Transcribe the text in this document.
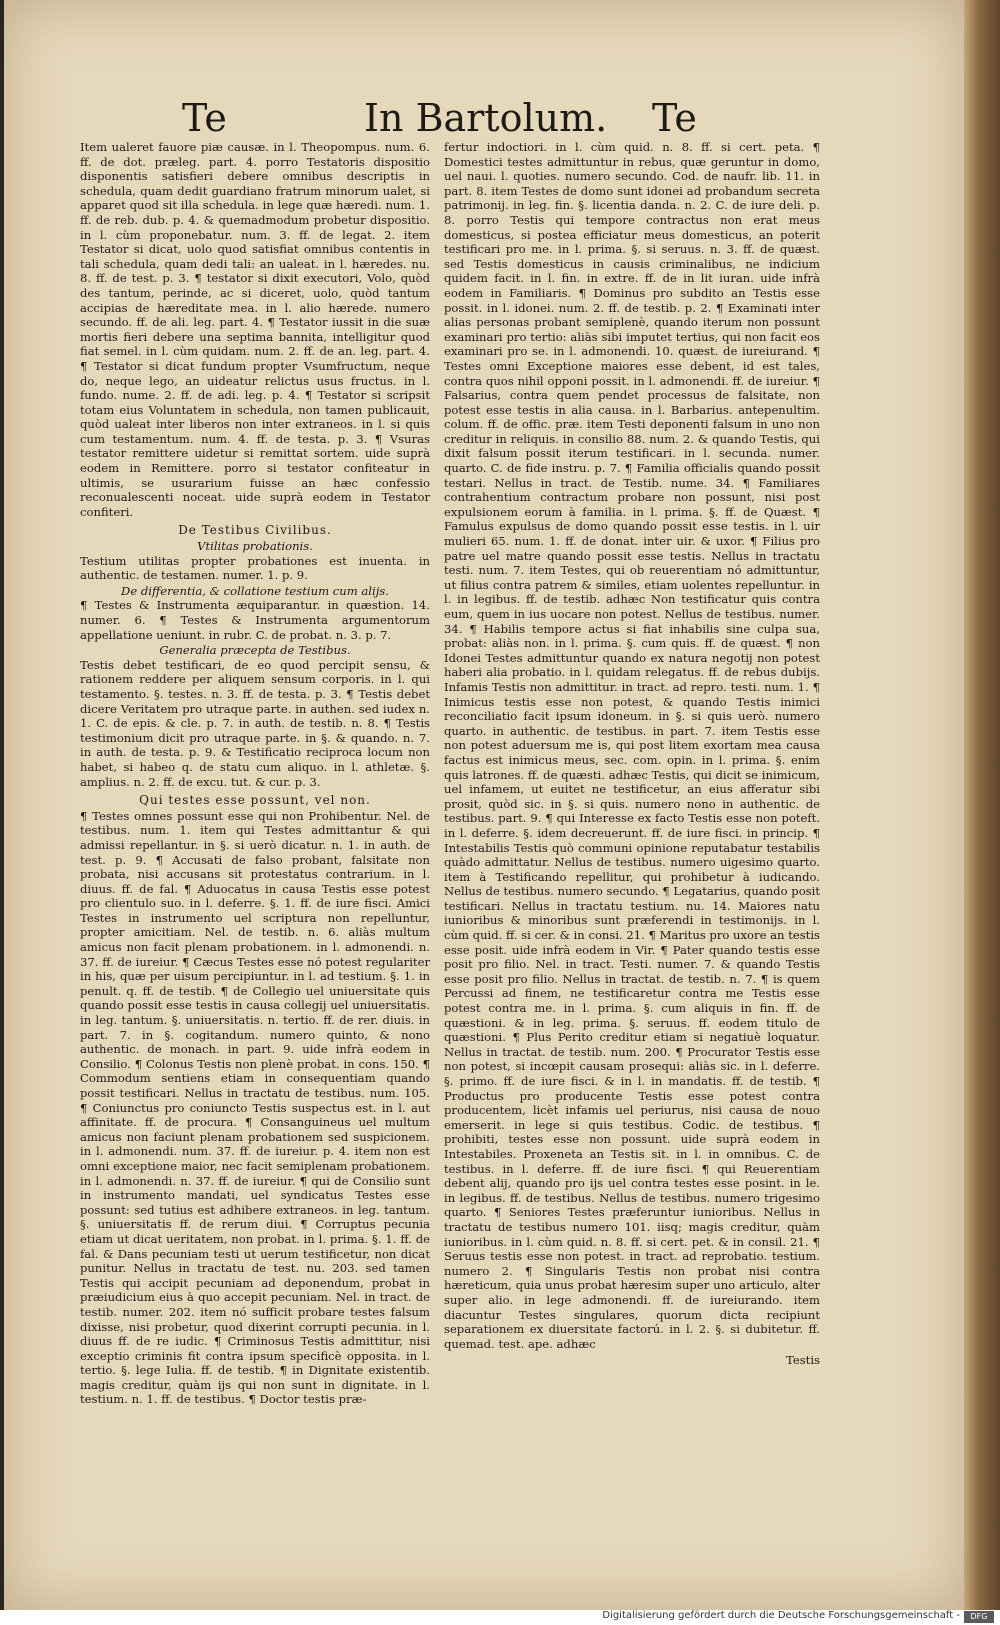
Te	In Bartolum. Te

Item ualeret fauore piæ causæ. in l. Theopompus. num. 6. ff. de dot. præleg. part. 4. porro Testatoris dispositio disponentis satisfieri debere omnibus descriptis in schedula, quam dedit guardiano fratrum minorum ualet, si apparet quod sit illa schedula. in lege quæ hæredi. num. 1. ff. de reb. dub. p. 4. & quemadmodum probetur dispositio. in l. cùm proponebatur. num. 3. ff. de legat. 2. item Testator si dicat, uolo quod satisfiat omnibus contentis in tali schedula, quam dedi tali: an ualeat. in l. hæredes. nu. 8. ff. de test. p. 3. ¶ testator si dixit executori, Volo, quòd des tantum, perinde, ac si diceret, uolo, quòd tantum accipias de hæreditate mea. in l. alio hærede. numero secundo. ff. de ali. leg. part. 4. ¶ Testator iussit in die suæ mortis fieri debere una septima bannita, intelligitur quod fiat semel. in l. cùm quidam. num. 2. ff. de an. leg. part. 4. ¶ Testator si dicat fundum propter Vsumfructum, neque do, neque lego, an uideatur relictus usus fructus. in l. fundo. nume. 2. ff. de adi. leg. p. 4. ¶ Testator si scripsit totam eius Voluntatem in schedula, non tamen publicauit, quòd ualeat inter liberos non inter extraneos. in l. si quis cum testamentum. num. 4. ff. de testa. p. 3. ¶ Vsuras testator remittere uidetur si remittat sortem. uide suprà eodem in Remittere. porro si testator confiteatur in ultimis, se usurarium fuisse an hæc confessio reconualescenti noceat. uide suprà eodem in Testator confiteri.

De Testibus Civilibus.
Vtilitas probationis.

Testium utilitas propter probationes est inuenta. in authentic. de testamen. numer. 1. p. 9.

De differentia, & collatione testium cum alijs.

¶ Testes & Instrumenta æquiparantur. in quæstion. 14. numer. 6. ¶ Testes & Instrumenta argumentorum appellatione ueniunt. in rubr. C. de probat. n. 3. p. 7.

Generalia præcepta de Testibus.

Testis debet testificari, de eo quod percipit sensu, & rationem reddere per aliquem sensum corporis. in l. qui testamento. §. testes. n. 3. ff. de testa. p. 3. ¶ Testis debet dicere Veritatem pro utraque parte. in authen. sed iudex n. 1. C. de epis. & cle. p. 7. in auth. de testib. n. 8. ¶ Testis testimonium dicit pro utraque parte. in §. & quando. n. 7. in auth. de testa. p. 9. & Testificatio reciproca locum non habet, si habeo q. de statu cum aliquo. in l. athletæ. §. amplius. n. 2. ff. de excu. tut. & cur. p. 3.

Qui testes esse possunt, vel non.

¶ Testes omnes possunt esse qui non Prohibentur. Nel. de testibus. num. 1. item qui Testes admittantur & qui admissi repellantur. in §. si uerò dicatur. n. 1. in auth. de test. p. 9. ¶ Accusati de falso probant, falsitate non probata, nisi accusans sit protestatus contrarium. in l. diuus. ff. de fal. ¶ Aduocatus in causa Testis esse potest pro clientulo suo. in l. deferre. §. 1. ff. de iure fisci. Amici Testes in instrumento uel scriptura non repelluntur, propter amicitiam. Nel. de testib. n. 6. aliàs multum amicus non facit plenam probationem. in l. admonendi. n. 37. ff. de iureiur. ¶ Cæcus Testes esse nó potest regulariter in his, quæ per uisum percipiuntur. in l. ad testium. §. 1. in penult. q. ff. de testib. ¶ de Collegio uel uniuersitate quis quando possit esse testis in causa collegij uel uniuersitatis. in leg. tantum. §. uniuersitatis. n. tertio. ff. de rer. diuis. in part. 7. in §. cogitandum. numero quinto, & nono authentic. de monach. in part. 9. uide infrà eodem in Consilio. ¶ Colonus Testis non plenè probat. in cons. 150. ¶ Commodum sentiens etiam in consequentiam quando possit testificari. Nellus in tractatu de testibus. num. 105. ¶ Coniunctus pro coniuncto Testis suspectus est. in l. aut affinitate. ff. de procura. ¶ Consanguineus uel multum amicus non faciunt plenam probationem sed suspicionem. in l. admonendi. num. 37. ff. de iureiur. p. 4. item non est omni exceptione maior, nec facit semiplenam probationem. in l. admonendi. n. 37. ff. de iureiur. ¶ qui de Consilio sunt in instrumento mandati, uel syndicatus Testes esse possunt: sed tutius est adhibere extraneos. in leg. tantum. §. uniuersitatis ff. de rerum diui. ¶ Corruptus pecunia etiam ut dicat ueritatem, non probat. in l. prima. §. 1. ff. de fal. & Dans pecuniam testi ut uerum testificetur, non dicat punitur. Nellus in tractatu de test. nu. 203. sed tamen Testis qui accipit pecuniam ad deponendum, probat in præiudicium eius à quo accepit pecuniam. Nel. in tract. de testib. numer. 202. item nó sufficit probare testes falsum dixisse, nisi probetur, quod dixerint corrupti pecunia. in l. diuus ff. de re iudic. ¶ Criminosus Testis admittitur, nisi exceptio criminis fit contra ipsum specificè opposita. in l. tertio. §. lege Iulia. ff. de testib. ¶ in Dignitate existentib. magis creditur, quàm ijs qui non sunt in dignitate. in l. testium. n. 1. ff. de testibus. ¶ Doctor testis præ-

fertur indoctiori. in l. cùm quid. n. 8. ff. si cert. peta. ¶ Domestici testes admittuntur in rebus, quæ geruntur in domo, uel naui. l. quoties. numero secundo. Cod. de naufr. lib. 11. in part. 8. item Testes de domo sunt idonei ad probandum secreta patrimonij. in leg. fin. §. licentia danda. n. 2. C. de iure deli. p. 8. porro Testis qui tempore contractus non erat meus domesticus, si postea efficiatur meus domesticus, an poterit testificari pro me. in l. prima. §. si seruus. n. 3. ff. de quæst. sed Testis domesticus in causis criminalibus, ne indicium quidem facit. in l. fin. in extre. ff. de in lit iuran. uide infrà eodem in Familiaris. ¶ Dominus pro subdito an Testis esse possit. in l. idonei. num. 2. ff. de testib. p. 2. ¶ Examinati inter alias personas probant semiplenè, quando iterum non possunt examinari pro tertio: aliàs sibi imputet tertius, qui non facit eos examinari pro se. in l. admonendi. 10. quæst. de iureiurand. ¶ Testes omni Exceptione maiores esse debent, id est tales, contra quos nihil opponi possit. in l. admonendi. ff. de iureiur. ¶ Falsarius, contra quem pendet processus de falsitate, non potest esse testis in alia causa. in l. Barbarius. antepenultim. colum. ff. de offic. præ. item Testi deponenti falsum in uno non creditur in reliquis. in consilio 88. num. 2. & quando Testis, qui dixit falsum possit iterum testificari. in l. secunda. numer. quarto. C. de fide instru. p. 7. ¶ Familia officialis quando possit testari. Nellus in tract. de Testib. nume. 34. ¶ Familiares contrahentium contractum probare non possunt, nisi post expulsionem eorum à familia. in l. prima. §. ff. de Quæst. ¶ Famulus expulsus de domo quando possit esse testis. in l. uir mulieri 65. num. 1. ff. de donat. inter uir. & uxor. ¶ Filius pro patre uel matre quando possit esse testis. Nellus in tractatu testi. num. 7. item Testes, qui ob reuerentiam nó admittuntur, ut filius contra patrem & similes, etiam uolentes repelluntur. in l. in legibus. ff. de testib. adhæc Non testificatur quis contra eum, quem in ius uocare non potest. Nellus de testibus. numer. 34. ¶ Habilis tempore actus si fiat inhabilis sine culpa sua, probat: aliàs non. in l. prima. §. cum quis. ff. de quæst. ¶ non Idonei Testes admittuntur quando ex natura negotij non potest haberi alia probatio. in l. quidam relegatus. ff. de rebus dubijs. Infamis Testis non admittitur. in tract. ad repro. testi. num. 1. ¶ Inimicus testis esse non potest, & quando Testis inimici reconciliatio facit ipsum idoneum. in §. si quis uerò. numero quarto. in authentic. de testibus. in part. 7. item Testis esse non potest aduersum me is, qui post litem exortam mea causa factus est inimicus meus, sec. com. opin. in l. prima. §. enim quis latrones. ff. de quæsti. adhæc Testis, qui dicit se inimicum, uel infamem, ut euitet ne testificetur, an eius afferatur sibi prosit, quòd sic. in §. si quis. numero nono in authentic. de testibus. part. 9. ¶ qui Interesse ex facto Testis esse non poteft. in l. deferre. §. idem decreuerunt. ff. de iure fisci. in princip. ¶ Intestabilis Testis quò communi opinione reputabatur testabilis quàdo admittatur. Nellus de testibus. numero uigesimo quarto. item à Testificando repellitur, qui prohibetur à iudicando. Nellus de testibus. numero secundo. ¶ Legatarius, quando posit testificari. Nellus in tractatu testium. nu. 14. Maiores natu iunioribus & minoribus sunt præferendi in testimonijs. in l. cùm quid. ff. si cer. & in consi. 21. ¶ Maritus pro uxore an testis esse posit. uide infrà eodem in Vir. ¶ Pater quando testis esse posit pro filio. Nel. in tract. Testi. numer. 7. & quando Testis esse posit pro filio. Nellus in tractat. de testib. n. 7. ¶ is quem Percussi ad finem, ne testificaretur contra me Testis esse potest contra me. in l. prima. §. cum aliquis in fin. ff. de quæstioni. & in leg. prima. §. seruus. ff. eodem titulo de quæstioni. ¶ Plus Perito creditur etiam si negatiuè loquatur. Nellus in tractat. de testib. num. 200. ¶ Procurator Testis esse non potest, si incœpit causam prosequi: aliàs sic. in l. deferre. §. primo. ff. de iure fisci. & in l. in mandatis. ff. de testib. ¶ Productus pro producente Testis esse potest contra producentem, licèt infamis uel periurus, nisi causa de nouo emerserit. in lege si quis testibus. Codic. de testibus. ¶ prohibiti, testes esse non possunt. uide suprà eodem in Intestabiles. Proxeneta an Testis sit. in l. in omnibus. C. de testibus. in l. deferre. ff. de iure fisci. ¶ qui Reuerentiam debent alij, quando pro ijs uel contra testes esse posint. in le. in legibus. ff. de testibus. Nellus de testibus. numero trigesimo quarto. ¶ Seniores Testes præferuntur iunioribus. Nellus in tractatu de testibus numero 101. iisq; magis creditur, quàm iunioribus. in l. cùm quid. n. 8. ff. si cert. pet. & in consil. 21. ¶ Seruus testis esse non potest. in tract. ad reprobatio. testium. numero 2. ¶ Singularis Testis non probat nisi contra hæreticum, quia unus probat hæresim super uno articulo, alter super alio. in lege admonendi. ff. de iureiurando. item diacuntur Testes singulares, quorum dicta recipiunt separationem ex diuersitate factorú. in l. 2. §. si dubitetur. ff. quemad. test. ape. adhæc

Testis
Digitalisierung gefördert durch die Deutsche Forschungsgemeinschaft -	DFG
